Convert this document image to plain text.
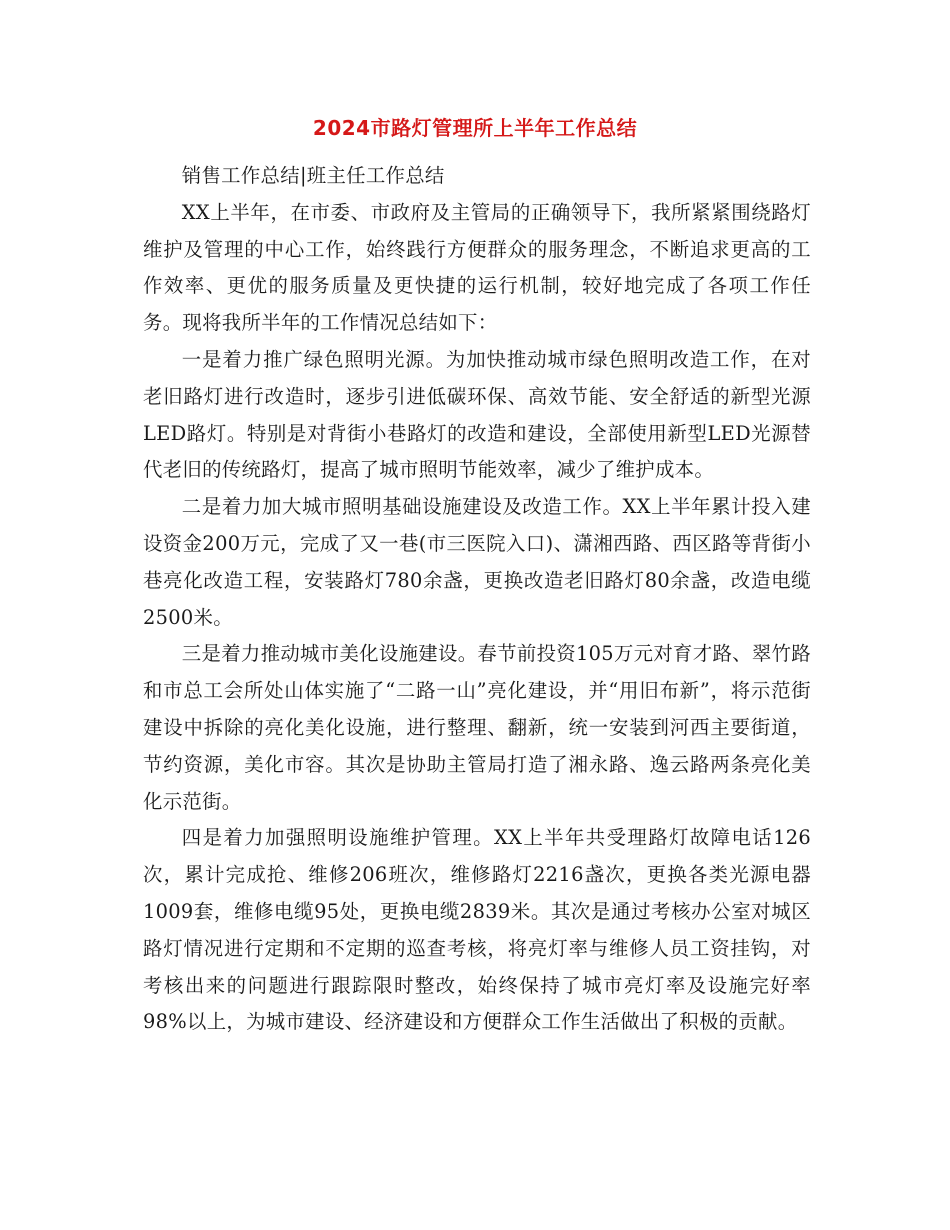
2024市路灯管理所上半年工作总结

销售工作总结|班主任工作总结

XX上半年，在市委、市政府及主管局的正确领导下，我所紧紧围绕路灯维护及管理的中心工作，始终践行方便群众的服务理念，不断追求更高的工作效率、更优的服务质量及更快捷的运行机制，较好地完成了各项工作任务。现将我所半年的工作情况总结如下：

一是着力推广绿色照明光源。为加快推动城市绿色照明改造工作，在对老旧路灯进行改造时，逐步引进低碳环保、高效节能、安全舒适的新型光源LED路灯。特别是对背街小巷路灯的改造和建设，全部使用新型LED光源替代老旧的传统路灯，提高了城市照明节能效率，减少了维护成本。

二是着力加大城市照明基础设施建设及改造工作。XX上半年累计投入建设资金200万元，完成了又一巷(市三医院入口)、潇湘西路、西区路等背街小巷亮化改造工程，安装路灯780余盏，更换改造老旧路灯80余盏，改造电缆2500米。

三是着力推动城市美化设施建设。春节前投资105万元对育才路、翠竹路和市总工会所处山体实施了“二路一山”亮化建设，并“用旧布新”，将示范街建设中拆除的亮化美化设施，进行整理、翻新，统一安装到河西主要街道，节约资源，美化市容。其次是协助主管局打造了湘永路、逸云路两条亮化美化示范街。

四是着力加强照明设施维护管理。XX上半年共受理路灯故障电话126次，累计完成抢、维修206班次，维修路灯2216盏次，更换各类光源电器1009套，维修电缆95处，更换电缆2839米。其次是通过考核办公室对城区路灯情况进行定期和不定期的巡查考核，将亮灯率与维修人员工资挂钩，对考核出来的问题进行跟踪限时整改，始终保持了城市亮灯率及设施完好率98%以上，为城市建设、经济建设和方便群众工作生活做出了积极的贡献。
